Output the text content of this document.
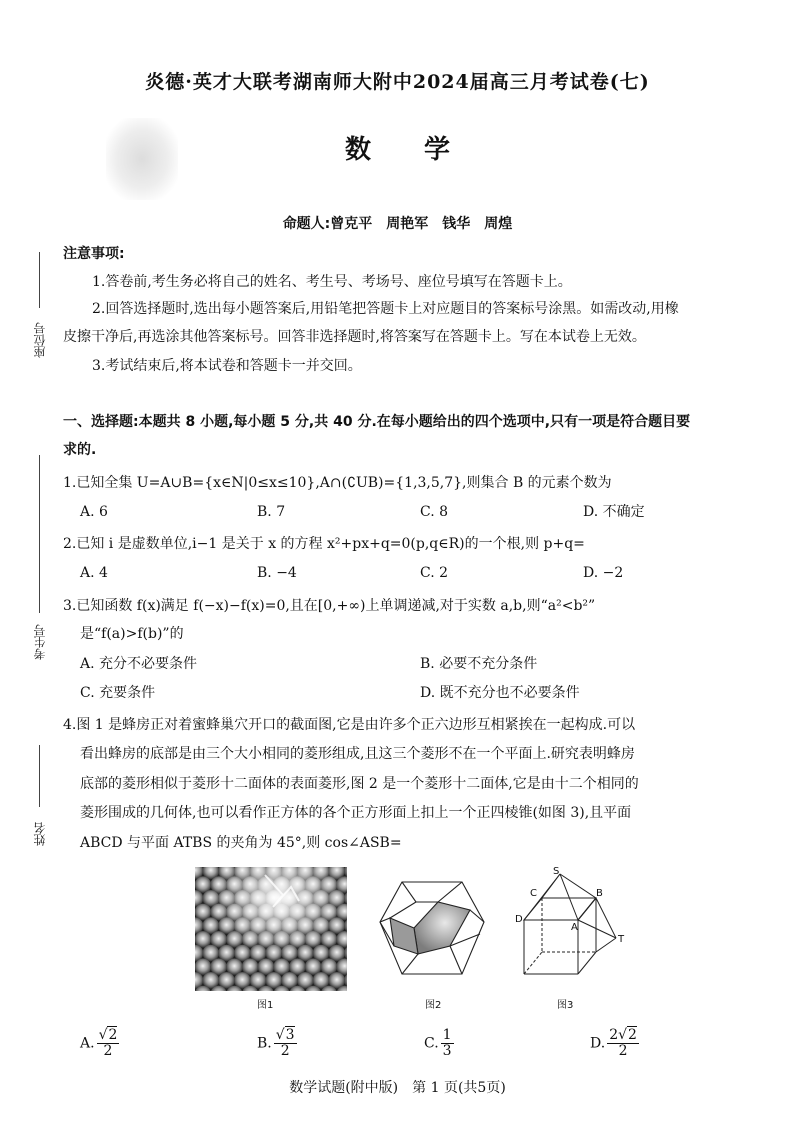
炎德·英才大联考湖南师大附中2024届高三月考试卷(七)
数 学
命题人:曾克平　周艳军　钱华　周煌
座位号
考生号
姓名
注意事项:
1.答卷前,考生务必将自己的姓名、考生号、考场号、座位号填写在答题卡上。
2.回答选择题时,选出每小题答案后,用铅笔把答题卡上对应题目的答案标号涂黑。如需改动,用橡
皮擦干净后,再选涂其他答案标号。回答非选择题时,将答案写在答题卡上。写在本试卷上无效。
3.考试结束后,将本试卷和答题卡一并交回。
一、选择题:本题共 8 小题,每小题 5 分,共 40 分.在每小题给出的四个选项中,只有一项是符合题目要
求的.
1.已知全集 U=A∪B={x∈N|0≤x≤10},A∩(∁UB)={1,3,5,7},则集合 B 的元素个数为
A. 6	B. 7	C. 8	D. 不确定
2.已知 i 是虚数单位,i−1 是关于 x 的方程 x²+px+q=0(p,q∈R)的一个根,则 p+q=
A. 4	B. −4	C. 2	D. −2
3.已知函数 f(x)满足 f(−x)−f(x)=0,且在[0,+∞)上单调递减,对于实数 a,b,则“a²<b²”
是“f(a)>f(b)”的
A. 充分不必要条件	B. 必要不充分条件
C. 充要条件	D. 既不充分也不必要条件
4.图 1 是蜂房正对着蜜蜂巢穴开口的截面图,它是由许多个正六边形互相紧挨在一起构成.可以
看出蜂房的底部是由三个大小相同的菱形组成,且这三个菱形不在一个平面上.研究表明蜂房
底部的菱形相似于菱形十二面体的表面菱形,图 2 是一个菱形十二面体,它是由十二个相同的
菱形围成的几何体,也可以看作正方体的各个正方形面上扣上一个正四棱锥(如图 3),且平面
ABCD 与平面 ATBS 的夹角为 45°,则 cos∠ASB=
图1	图2
S
C	B
D
A
T
图3
A. $\frac{√2}{2}$	B. $\frac{√3}{2}$	C. $\frac{1}{3}$	D. $\frac{2√2}{2}$
数学试题(附中版)　第 1 页(共5页)
